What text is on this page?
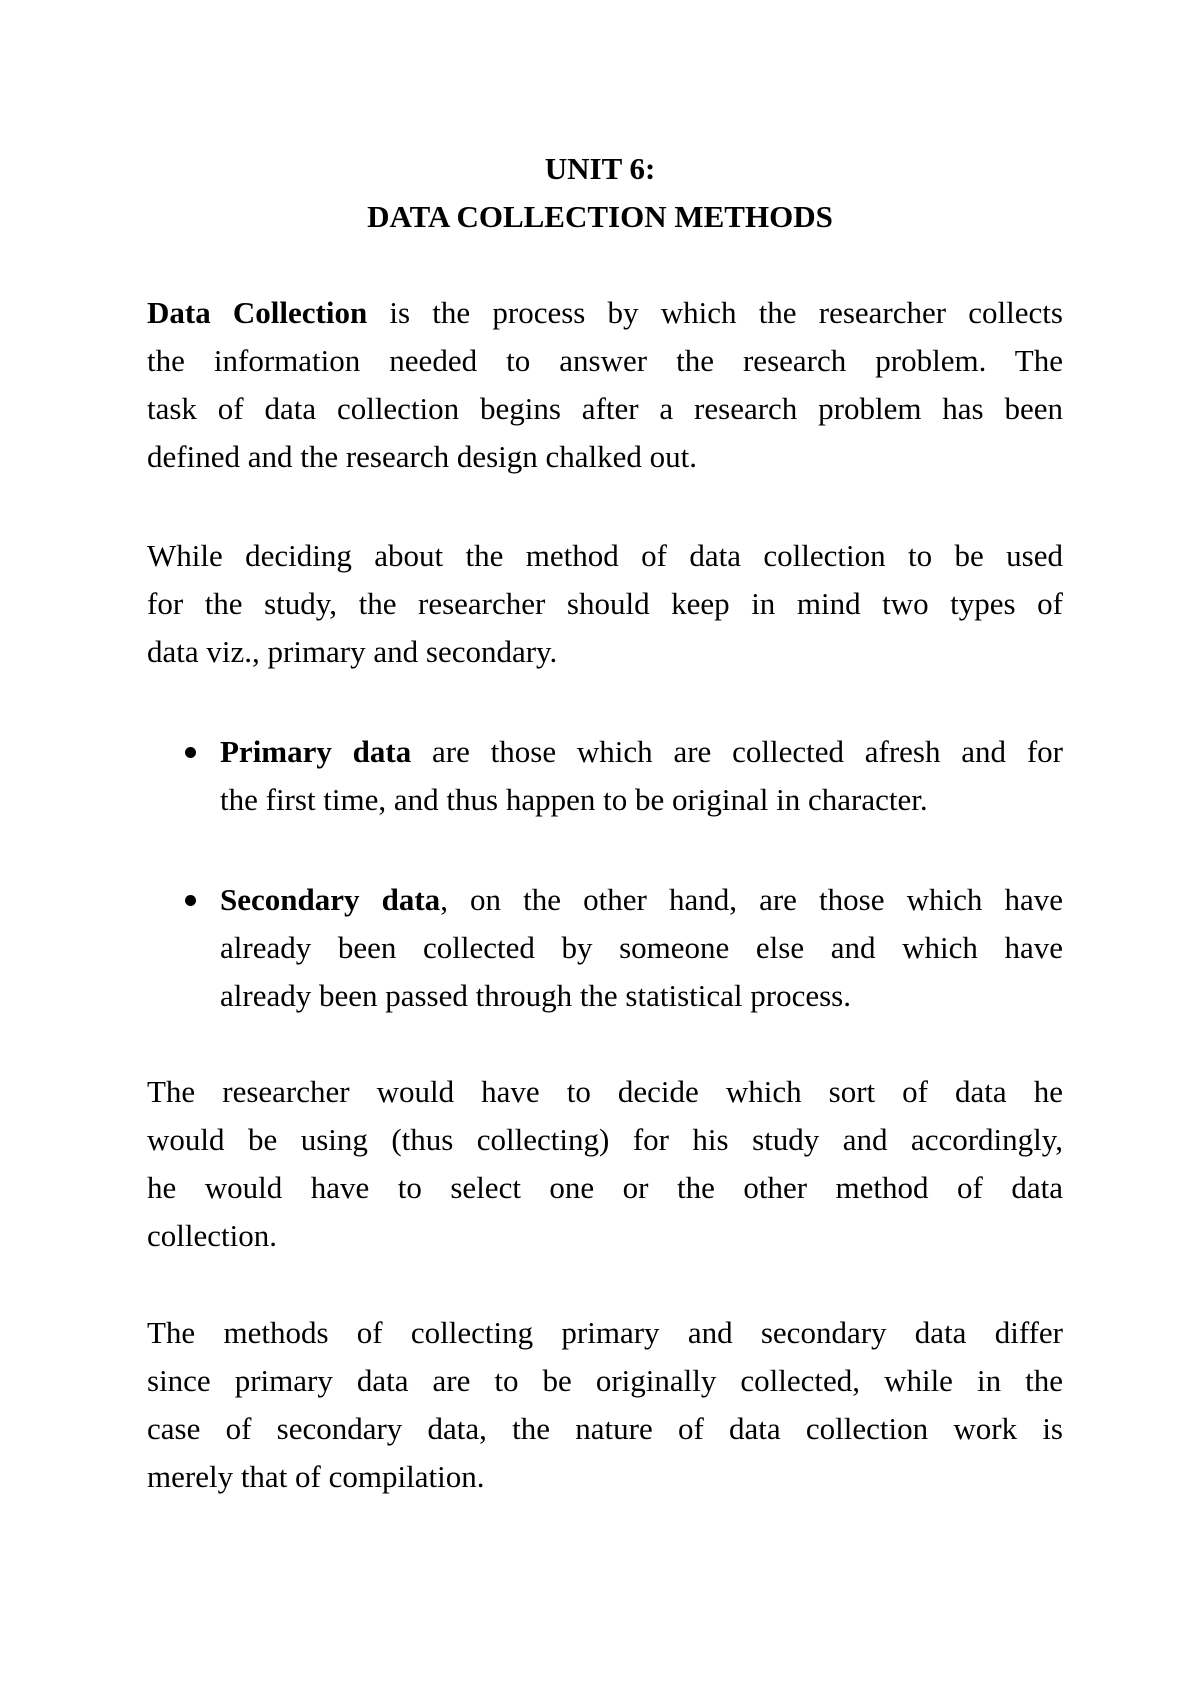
UNIT 6:
DATA COLLECTION METHODS
Data Collection is the process by which the researcher collects
the information needed to answer the research problem. The
task of data collection begins after a research problem has been
defined and the research design chalked out.
While deciding about the method of data collection to be used
for the study, the researcher should keep in mind two types of
data viz., primary and secondary.
Primary data are those which are collected afresh and for
the first time, and thus happen to be original in character.
Secondary data, on the other hand, are those which have
already been collected by someone else and which have
already been passed through the statistical process.
The researcher would have to decide which sort of data he
would be using (thus collecting) for his study and accordingly,
he would have to select one or the other method of data
collection.
The methods of collecting primary and secondary data differ
since primary data are to be originally collected, while in the
case of secondary data, the nature of data collection work is
merely that of compilation.
